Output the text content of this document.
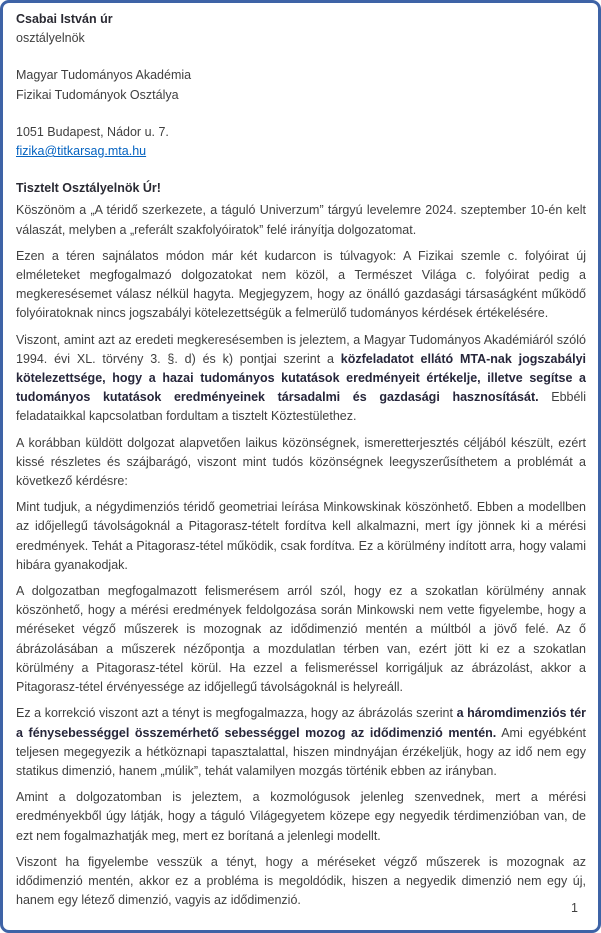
Csabai István úr
osztályelnök
Magyar Tudományos Akadémia
Fizikai Tudományok Osztálya
1051 Budapest, Nádor u. 7.
fizika@titkarsag.mta.hu
Tisztelt Osztályelnök Úr!

Köszönöm a „A téridő szerkezete, a táguló Univerzum” tárgyú levelemre 2024. szeptember 10-én kelt válaszát, melyben a „referált szakfolyóiratok” felé irányítja dolgozatomat.

Ezen a téren sajnálatos módon már két kudarcon is túlvagyok: A Fizikai szemle c. folyóirat új elméleteket megfogalmazó dolgozatokat nem közöl, a Természet Világa c. folyóirat pedig a megkeresésemet válasz nélkül hagyta. Megjegyzem, hogy az önálló gazdasági társaságként működő folyóiratoknak nincs jogszabályi kötelezettségük a felmerülő tudományos kérdések értékelésére.

Viszont, amint azt az eredeti megkeresésemben is jeleztem, a Magyar Tudományos Akadémiáról szóló 1994. évi XL. törvény 3. §. d) és k) pontjai szerint a közfeladatot ellátó MTA-nak jogszabályi kötelezettsége, hogy a hazai tudományos kutatások eredményeit értékelje, illetve segítse a tudományos kutatások eredményeinek társadalmi és gazdasági hasznosítását. Ebbéli feladataikkal kapcsolatban fordultam a tisztelt Köztestülethez.

A korábban küldött dolgozat alapvetően laikus közönségnek, ismeretterjesztés céljából készült, ezért kissé részletes és szájbarágó, viszont mint tudós közönségnek leegyszerűsíthetem a problémát a következő kérdésre:

Mint tudjuk, a négydimenziós téridő geometriai leírása Minkowskinak köszönhető. Ebben a modellben az időjellegű távolságoknál a Pitagorasz-tételt fordítva kell alkalmazni, mert így jönnek ki a mérési eredmények. Tehát a Pitagorasz-tétel működik, csak fordítva. Ez a körülmény indított arra, hogy valami hibára gyanakodjak.

A dolgozatban megfogalmazott felismerésem arról szól, hogy ez a szokatlan körülmény annak köszönhető, hogy a mérési eredmények feldolgozása során Minkowski nem vette figyelembe, hogy a méréseket végző műszerek is mozognak az idődimenzió mentén a múltból a jövő felé. Az ő ábrázolásában a műszerek nézőpontja a mozdulatlan térben van, ezért jött ki ez a szokatlan körülmény a Pitagorasz-tétel körül. Ha ezzel a felismeréssel korrigáljuk az ábrázolást, akkor a Pitagorasz-tétel érvényessége az időjellegű távolságoknál is helyreáll.

Ez a korrekció viszont azt a tényt is megfogalmazza, hogy az ábrázolás szerint a háromdimenziós tér a fénysebességgel összemérhető sebességgel mozog az idődimenzió mentén. Ami egyébként teljesen megegyezik a hétköznapi tapasztalattal, hiszen mindnyájan érzékeljük, hogy az idő nem egy statikus dimenzió, hanem „múlik”, tehát valamilyen mozgás történik ebben az irányban.

Amint a dolgozatomban is jeleztem, a kozmológusok jelenleg szenvednek, mert a mérési eredményekből úgy látják, hogy a táguló Világegyetem közepe egy negyedik térdimenzióban van, de ezt nem fogalmazhatják meg, mert ez borítaná a jelenlegi modellt.

Viszont ha figyelembe vesszük a tényt, hogy a méréseket végző műszerek is mozognak az idődimenzió mentén, akkor ez a probléma is megoldódik, hiszen a negyedik dimenzió nem egy új, hanem egy létező dimenzió, vagyis az idődimenzió.

1
